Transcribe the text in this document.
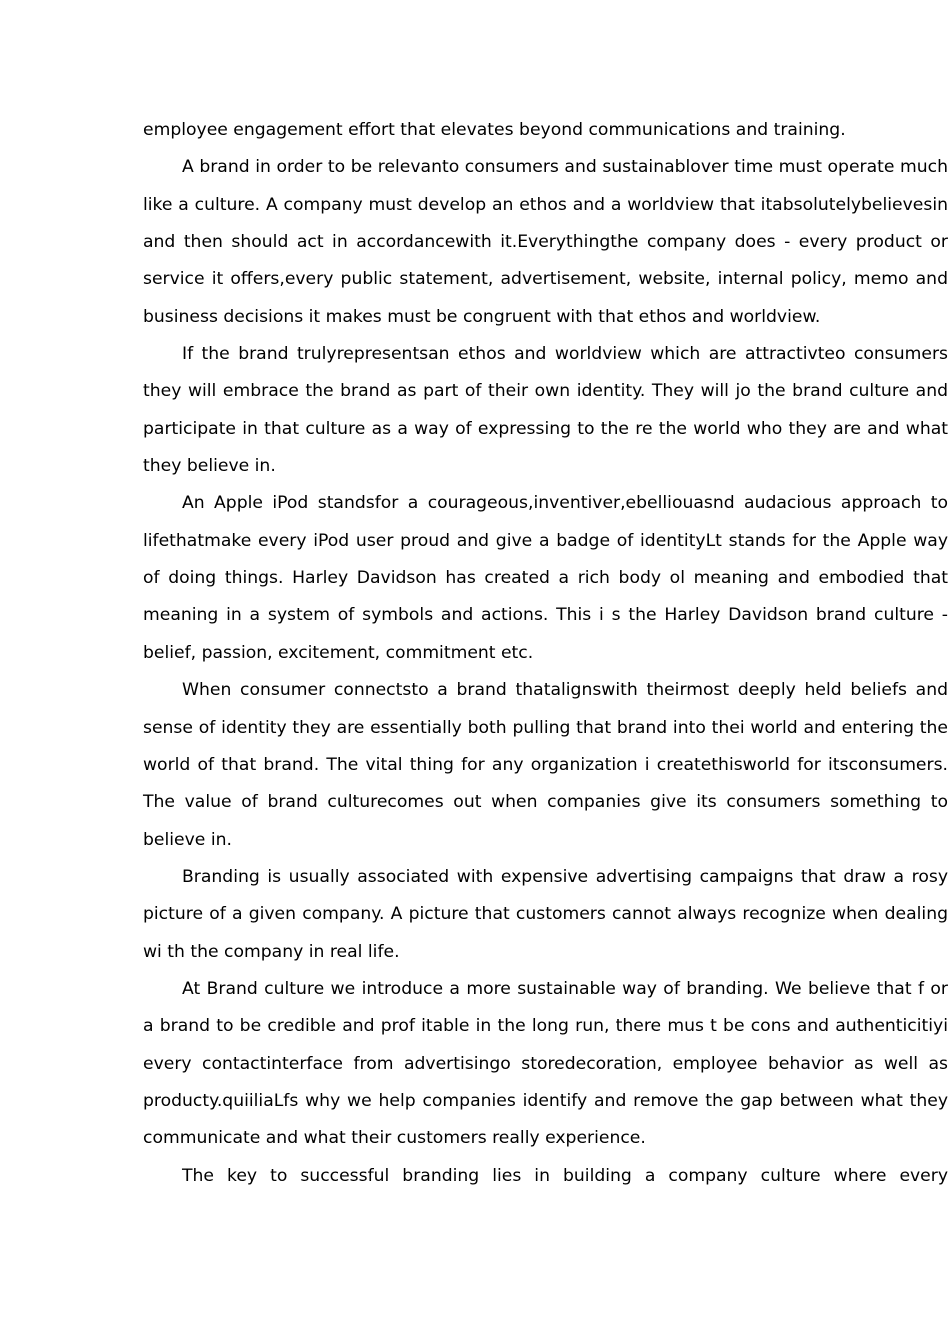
employee engagement effort that elevates beyond communications and training.

A brand in order to be relevanto consumers and sustainablover time must operate much like a culture. A company must develop an ethos and a worldview that itabsolutelybelievesin and then should act in accordancewith it.Everythingthe company does - every product or service it offers,every public statement, advertisement, website, internal policy, memo and business decisions it makes must be congruent with that ethos and worldview.

If the brand trulyrepresentsan ethos and worldview which are attractivteo consumers they will embrace the brand as part of their own identity. They will jo the brand culture and participate in that culture as a way of expressing to the re the world who they are and what they believe in.

An Apple iPod standsfor a courageous,inventiver,ebelliouasnd audacious approach to lifethatmake every iPod user proud and give a badge of identityLt stands for the Apple way of doing things. Harley Davidson has created a rich body ol meaning and embodied that meaning in a system of symbols and actions. This i s the Harley Davidson brand culture - belief, passion, excitement, commitment etc.

When consumer connectsto a brand thatalignswith theirmost deeply held beliefs and sense of identity they are essentially both pulling that brand into thei world and entering the world of that brand. The vital thing for any organization i createthisworld for itsconsumers. The value of brand culturecomes out when companies give its consumers something to believe in.

Branding is usually associated with expensive advertising campaigns that draw a rosy picture of a given company. A picture that customers cannot always recognize when dealing wi th the company in real life.

At Brand culture we introduce a more sustainable way of branding. We believe that f or a brand to be credible and prof itable in the long run, there mus t be cons and authenticitiyi every contactinterface from advertisingo storedecoration, employee behavior as well as producty.quiiliaLfs why we help companies identify and remove the gap between what they communicate and what their customers really experience.

The key to successful branding lies in building a company culture where every
